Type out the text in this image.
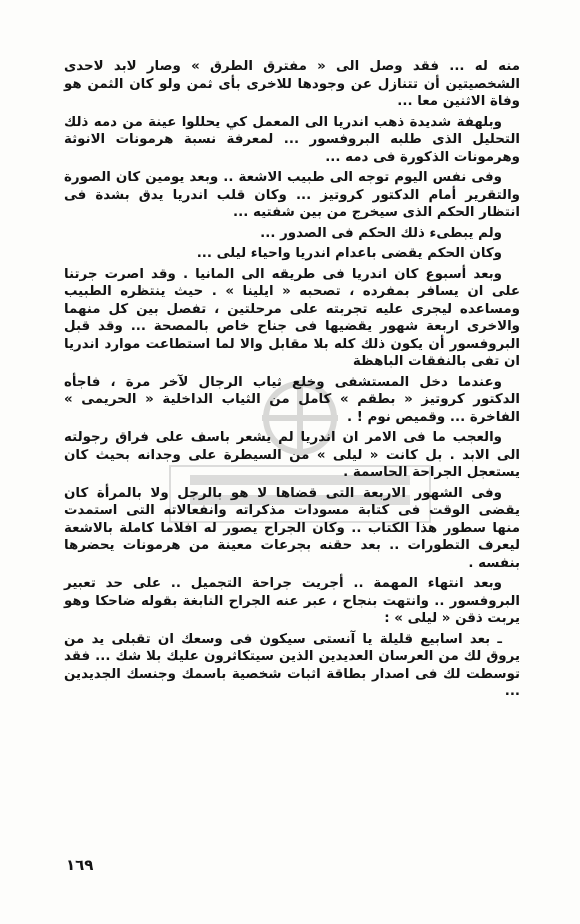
منه له ... فقد وصل الى « مفترق الطرق » وصار لابد لاحدى الشخصيتين أن تتنازل عن وجودها للاخرى بأى ثمن ولو كان الثمن هو وفاة الاثنين معا ...

وبلهفة شديدة ذهب اندريا الى المعمل كي يحللوا عينة من دمه ذلك التحليل الذى طلبه البروفسور ... لمعرفة نسبة هرمونات الانوثة وهرمونات الذكورة فى دمه ...

وفى نفس اليوم توجه الى طبيب الاشعة .. وبعد يومين كان الصورة والتقرير أمام الدكتور كروتيز ... وكان قلب اندريا يدق بشدة فى انتظار الحكم الذى سيخرج من بين شفتيه ...

ولم يبطىء ذلك الحكم فى الصدور ...

وكان الحكم يقضى باعدام اندريا واحياء ليلى ...

وبعد أسبوع كان اندريا فى طريقه الى المانيا . وقد اصرت جرتنا على ان يسافر بمفرده ، تصحبه « ايلينا » . حيث ينتظره الطبيب ومساعده ليجرى عليه تجربته على مرحلتين ، تفصل بين كل منهما والاخرى اربعة شهور يقضيها فى جناح خاص بالمصحة ... وقد قبل البروفسور أن يكون ذلك كله بلا مقابل والا لما استطاعت موارد اندريا ان تفى بالنفقات الباهظة

وعندما دخل المستشفى وخلع ثياب الرجال لآخر مرة ، فاجأه الدكتور كروتيز « بطقم » كامل من الثياب الداخلية « الحريمى » الفاخرة ... وقميص نوم ! .

والعجب ما فى الامر ان اندريا لم يشعر باسف على فراق رجولته الى الابد . بل كانت « ليلى » من السيطرة على وجدانه بحيث كان يستعجل الجراحة الحاسمة .

وفى الشهور الاربعة التى قضاها لا هو بالرجل ولا بالمرأة كان يقضى الوقت فى كتابة مسودات مذكراته وانفعالاته التى استمدت منها سطور هذا الكتاب .. وكان الجراح يصور له افلاما كاملة بالاشعة ليعرف التطورات .. بعد حقنه بجرعات معينة من هرمونات يحضرها بنفسه .

وبعد انتهاء المهمة .. أجريت جراحة التجميل .. على حد تعبير البروفسور .. وانتهت بنجاح ، عبر عنه الجراح النابغة بقوله ضاحكا وهو يربت ذقن « ليلى » :

ـ بعد اسابيع قليلة يا آنستى سيكون فى وسعك ان تقبلى يد من يروق لك من العرسان العديدين الذين سيتكاثرون عليك بلا شك ... فقد توسطت لك فى اصدار بطاقة اثبات شخصية باسمك وجنسك الجديدين ...

١٦٩
